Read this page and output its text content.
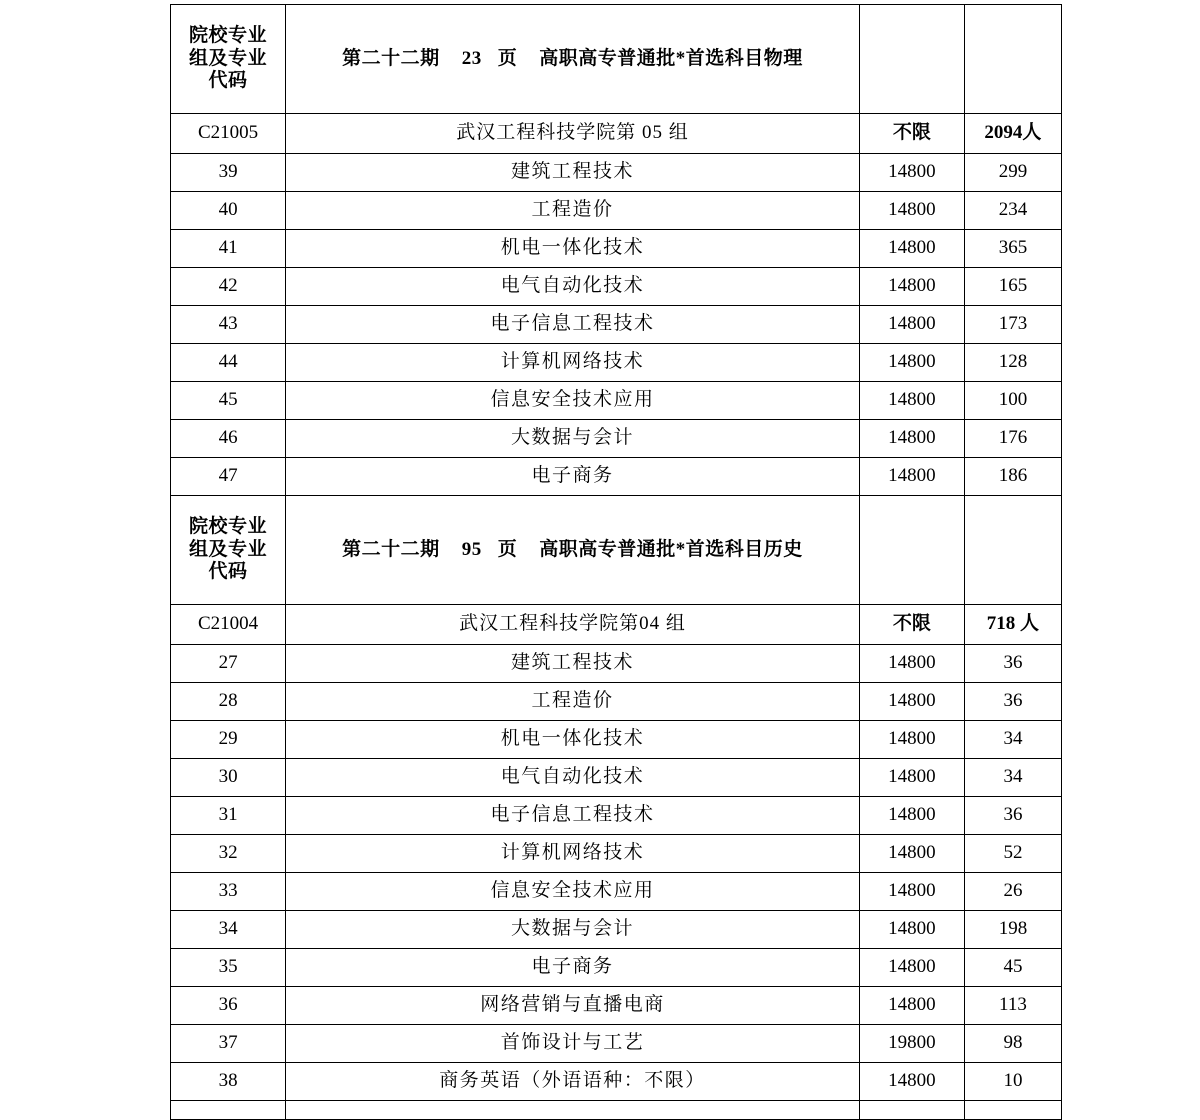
院校专业
组及专业
代码	第二十二期 23 页 高职高专普通批*首选科目物理		
C21005	武汉工程科技学院第 05 组	不限	2094人
39	建筑工程技术	14800	299
40	工程造价	14800	234
41	机电一体化技术	14800	365
42	电气自动化技术	14800	165
43	电子信息工程技术	14800	173
44	计算机网络技术	14800	128
45	信息安全技术应用	14800	100
46	大数据与会计	14800	176
47	电子商务	14800	186

院校专业
组及专业
代码	第二十二期 95 页 高职高专普通批*首选科目历史		
C21004	武汉工程科技学院第04 组	不限	718 人
27	建筑工程技术	14800	36
28	工程造价	14800	36
29	机电一体化技术	14800	34
30	电气自动化技术	14800	34
31	电子信息工程技术	14800	36
32	计算机网络技术	14800	52
33	信息安全技术应用	14800	26
34	大数据与会计	14800	198
35	电子商务	14800	45
36	网络营销与直播电商	14800	113
37	首饰设计与工艺	19800	98
38	商务英语（外语语种：不限）	14800	10
